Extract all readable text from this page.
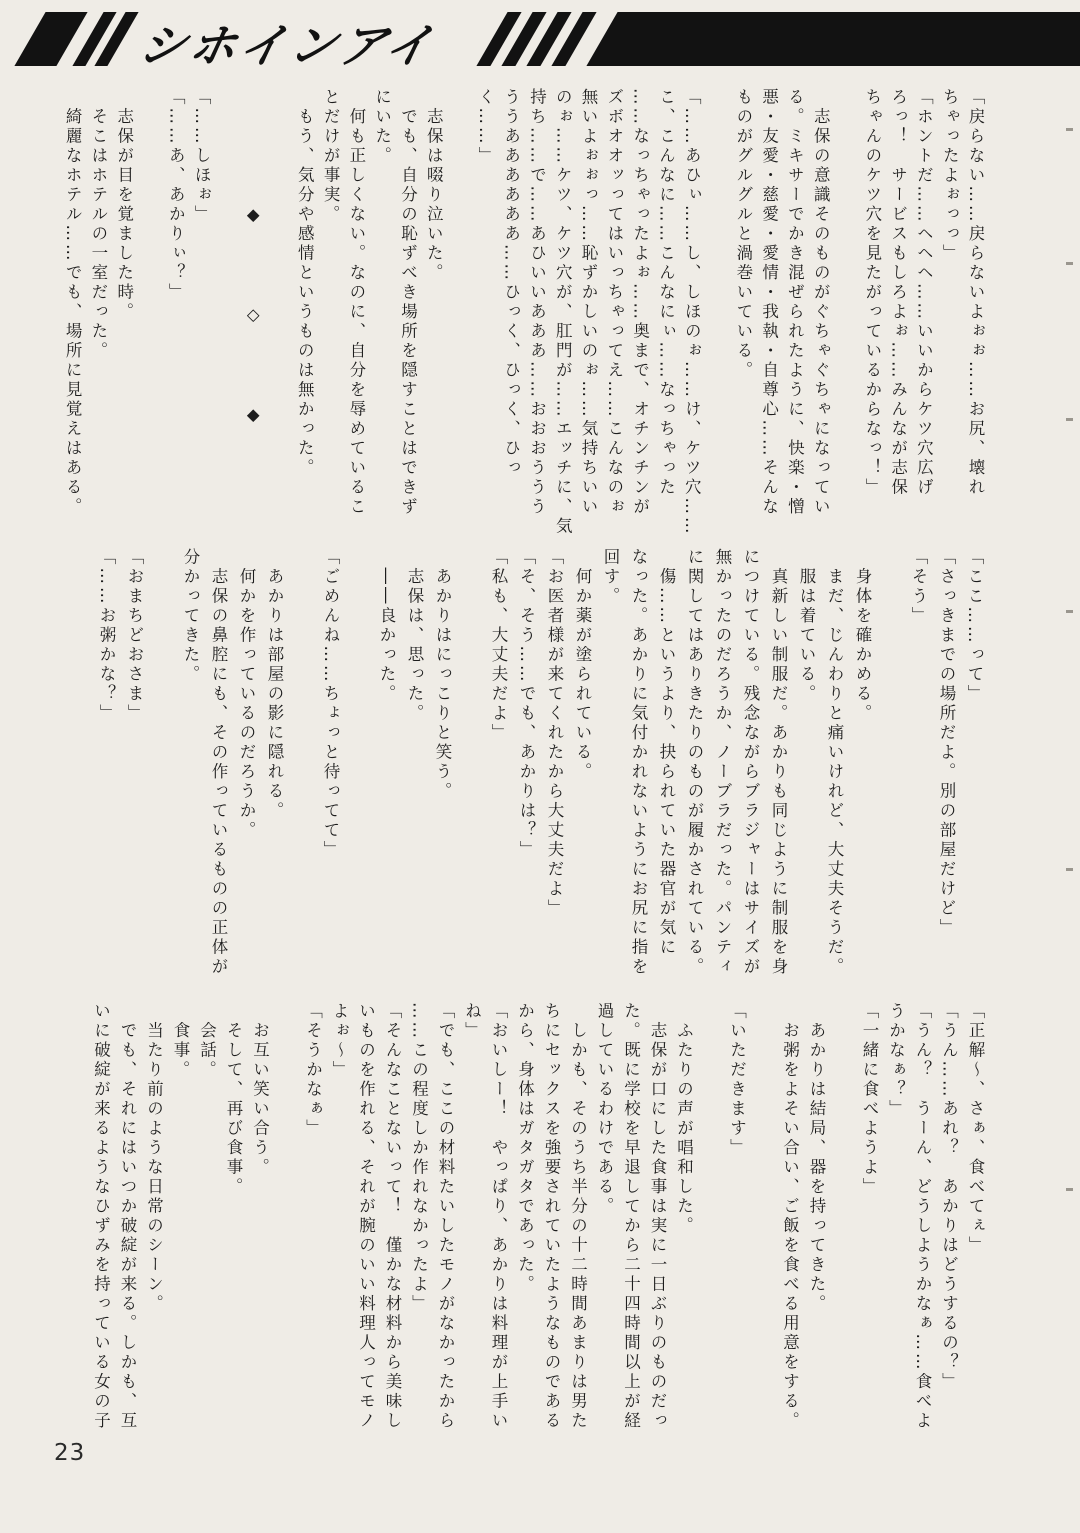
シホインアイ

「戻らない……戻らないよぉぉ……お尻、壊れ

ちゃったよぉっっ」

「ホントだ……ヘヘヘ……いいからケツ穴広げ

ろっ！　サービスもしろよぉ……みんなが志保

ちゃんのケツ穴を見たがっているからなっ！」

　志保の意識そのものがぐちゃぐちゃになってい

る。ミキサーでかき混ぜられたように、快楽・憎

悪・友愛・慈愛・愛情・我執・自尊心……そんな

ものがグルグルと渦巻いている。

「……あひぃ……し、しほのぉ……け、ケツ穴……

こ、こんなに……こんなにぃ……なっちゃった

……なっちゃったよぉ……奥まで、オチンチンが

ズボオオッってはいっちゃってえ……こんなのぉ

無いよぉぉっ……恥ずかしいのぉ……気持ちいい

のぉ……ケツ、ケツ穴が、肛門が……エッチに、気

持ち……で……あひいいあああ……おおおううう

ううああああああ……ひっく、ひっく、ひっく……」

　志保は啜り泣いた。

　でも、自分の恥ずべき場所を隠すことはできず

にいた。

　何も正しくない。なのに、自分を辱めているこ

とだけが事実。

　もう、気分や感情というものは無かった。

　　　　　　◆　　　　◇　　　　◆

「……しほぉ」

「……あ、あかりぃ？」

　志保が目を覚ました時。

　そこはホテルの一室だった。

　綺麗なホテル……でも、場所に見覚えはある。

「ここ……って」

「さっきまでの場所だよ。別の部屋だけど」

「そう」

　身体を確かめる。

　まだ、じんわりと痛いけれど、大丈夫そうだ。

　服は着ている。

　真新しい制服だ。あかりも同じように制服を身

につけている。残念ながらブラジャーはサイズが

無かったのだろうか、ノーブラだった。パンティ

に関してはありきたりのものが履かされている。

　傷……というより、抉られていた器官が気に

なった。あかりに気付かれないようにお尻に指を

回す。

　何か薬が塗られている。

「お医者様が来てくれたから大丈夫だよ」

「そ、そう……でも、あかりは？」

「私も、大丈夫だよ」

　あかりはにっこりと笑う。

　志保は、思った。

　――良かった。

「ごめんね……ちょっと待ってて」

　あかりは部屋の影に隠れる。

　何かを作っているのだろうか。

　志保の鼻腔にも、その作っているものの正体が

分かってきた。

「おまちどおさま」

「……お粥かな？」

「正解〜、さぁ、食べてぇ」

「うん……あれ？　あかりはどうするの？」

「うん？　うーん、どうしようかなぁ……食べよ

うかなぁ？」

「一緒に食べようよ」

　あかりは結局、器を持ってきた。

　お粥をよそい合い、ご飯を食べる用意をする。

「いただきます」

　ふたりの声が唱和した。

　志保が口にした食事は実に一日ぶりのものだっ

た。既に学校を早退してから二十四時間以上が経

過しているわけである。

　しかも、そのうち半分の十二時間あまりは男た

ちにセックスを強要されていたようなものである

から、身体はガタガタであった。

「おいしー！　やっぱり、あかりは料理が上手い

ね」

「でも、ここの材料たいしたモノがなかったから

……この程度しか作れなかったよ」

「そんなことないって！　僅かな材料から美味し

いものを作れる、それが腕のいい料理人ってモノ

よぉ〜」

「そうかなぁ」

　お互い笑い合う。

　そして、再び食事。

　会話。

　食事。

　当たり前のような日常のシーン。

　でも、それにはいつか破綻が来る。しかも、互

いに破綻が来るようなひずみを持っている女の子

23
